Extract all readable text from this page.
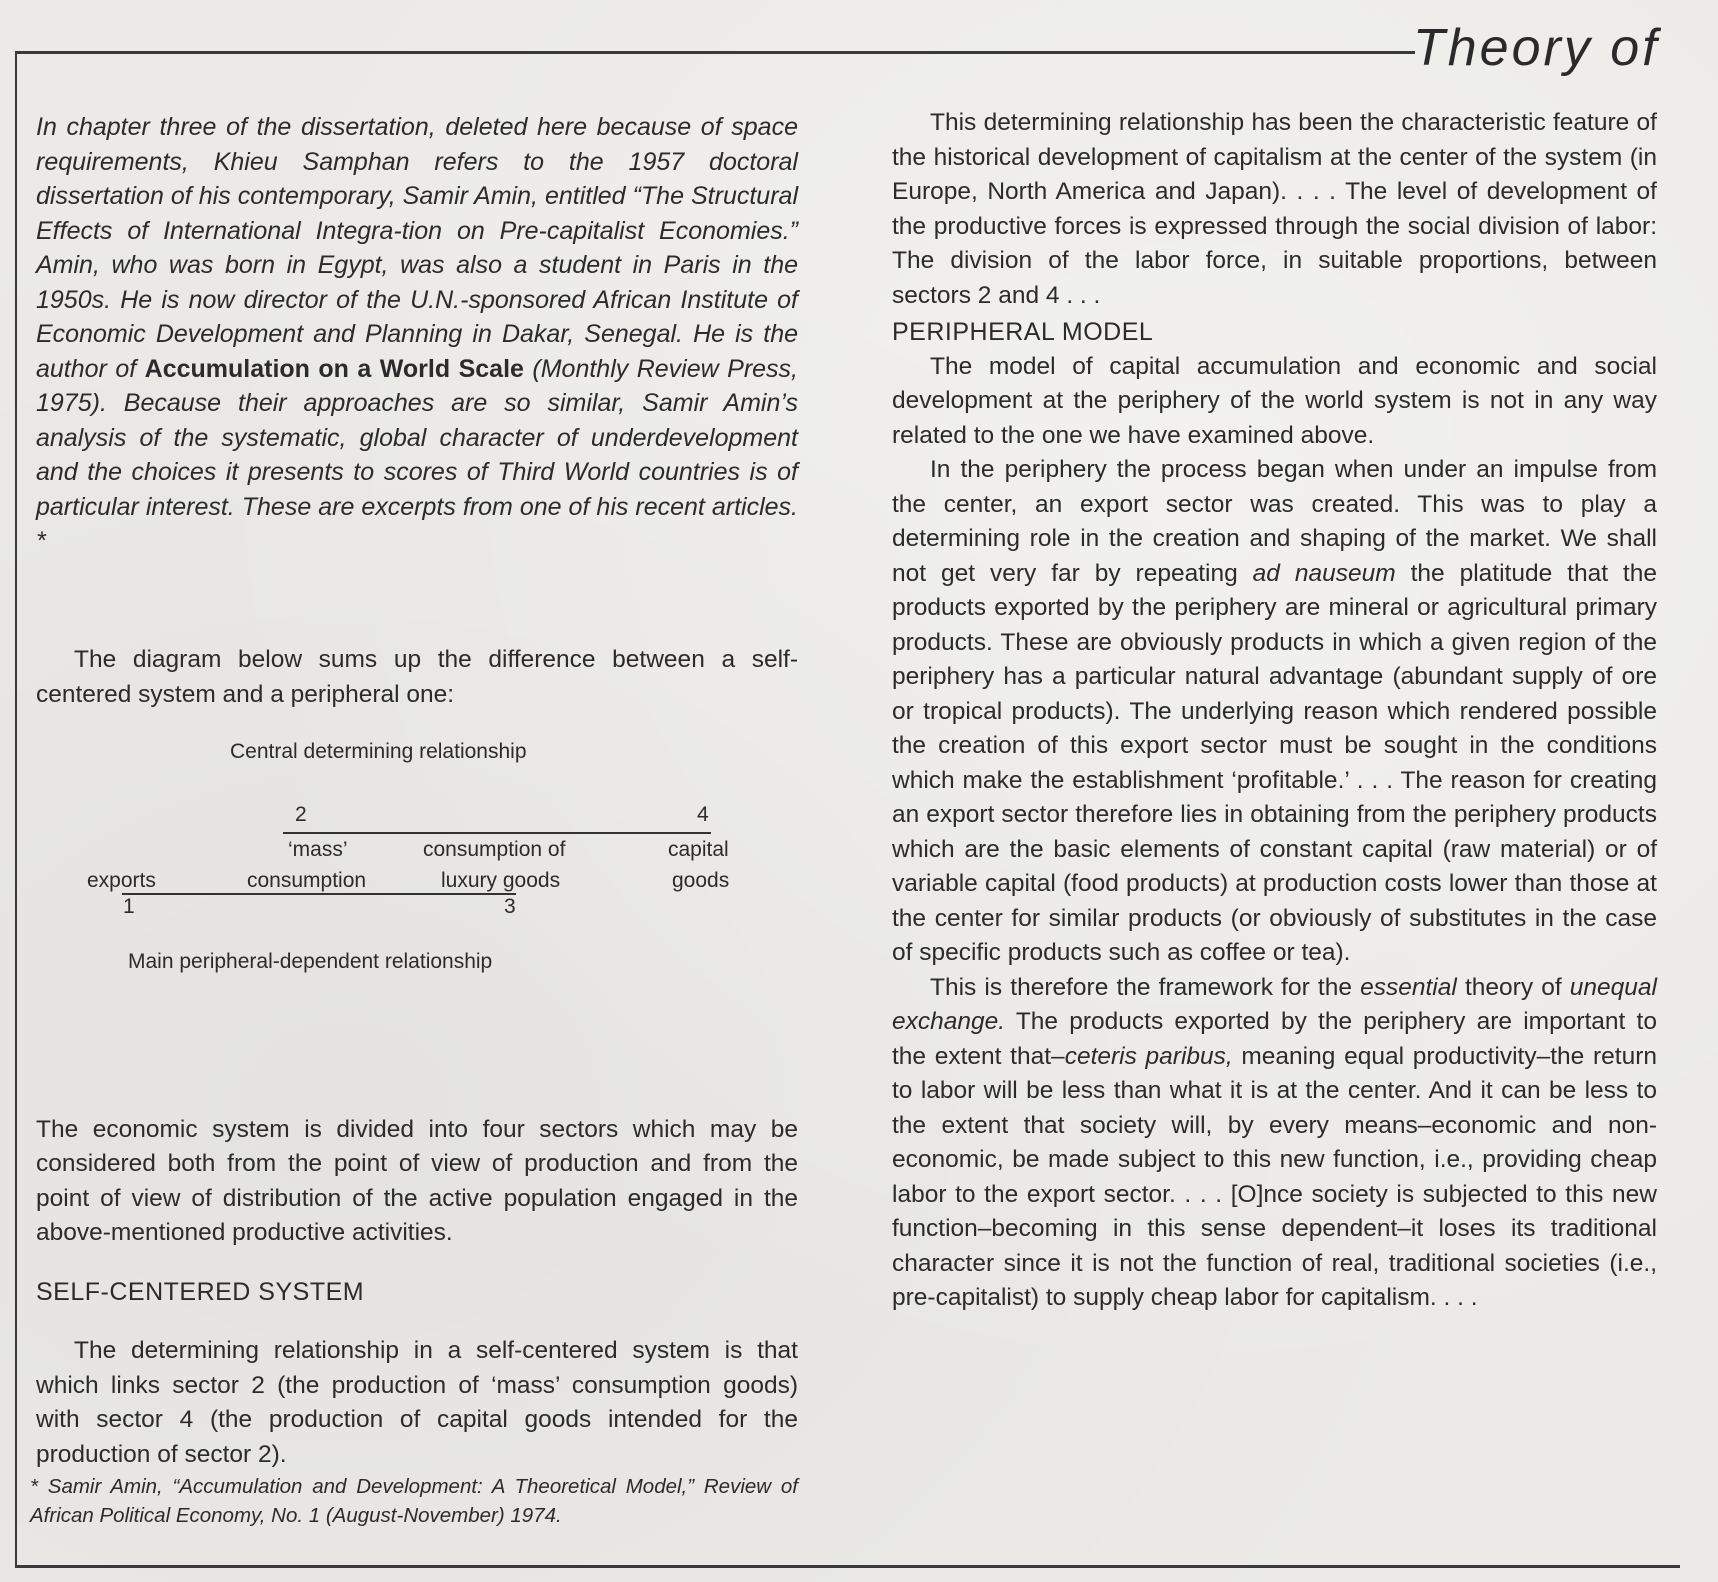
Theory of
In chapter three of the dissertation, deleted here because of space requirements, Khieu Samphan refers to the 1957 doctoral dissertation of his contemporary, Samir Amin, entitled “The Structural Effects of International Integra-tion on Pre-capitalist Economies.” Amin, who was born in Egypt, was also a student in Paris in the 1950s. He is now director of the U.N.-sponsored African Institute of Economic Development and Planning in Dakar, Senegal. He is the author of Accumulation on a World Scale (Monthly Review Press, 1975). Because their approaches are so similar, Samir Amin’s analysis of the systematic, global character of underdevelopment and the choices it presents to scores of Third World countries is of particular interest. These are excerpts from one of his recent articles. *
The diagram below sums up the difference between a self-centered system and a peripheral one:
Central determining relationship
2	4
‘mass’	consumption of	capital
exports	consumption	luxury goods	goods
1	3
Main peripheral-dependent relationship

The economic system is divided into four sectors which may be considered both from the point of view of production and from the point of view of distribution of the active population engaged in the above-mentioned productive activities.

SELF-CENTERED SYSTEM

The determining relationship in a self-centered system is that which links sector 2 (the production of ‘mass’ consumption goods) with sector 4 (the production of capital goods intended for the production of sector 2).

* Samir Amin, “Accumulation and Development: A Theoretical Model,” Review of African Political Economy, No. 1 (August-November) 1974.

This determining relationship has been the characteristic feature of the historical development of capitalism at the center of the system (in Europe, North America and Japan). . . . The level of development of the productive forces is expressed through the social division of labor: The division of the labor force, in suitable proportions, between sectors 2 and 4 . . .

PERIPHERAL MODEL

The model of capital accumulation and economic and social development at the periphery of the world system is not in any way related to the one we have examined above.

In the periphery the process began when under an impulse from the center, an export sector was created. This was to play a determining role in the creation and shaping of the market. We shall not get very far by repeating ad nauseum the platitude that the products exported by the periphery are mineral or agricultural primary products. These are obviously products in which a given region of the periphery has a particular natural advantage (abundant supply of ore or tropical products). The underlying reason which rendered possible the creation of this export sector must be sought in the conditions which make the establishment ‘profitable.’ . . . The reason for creating an export sector therefore lies in obtaining from the periphery products which are the basic elements of constant capital (raw material) or of variable capital (food products) at production costs lower than those at the center for similar products (or obviously of substitutes in the case of specific products such as coffee or tea).

This is therefore the framework for the essential theory of unequal exchange. The products exported by the periphery are important to the extent that–ceteris paribus, meaning equal productivity–the return to labor will be less than what it is at the center. And it can be less to the extent that society will, by every means–economic and non-economic, be made subject to this new function, i.e., providing cheap labor to the export sector. . . . [O]nce society is subjected to this new function–becoming in this sense dependent–it loses its traditional character since it is not the function of real, traditional societies (i.e., pre-capitalist) to supply cheap labor for capitalism. . . .
